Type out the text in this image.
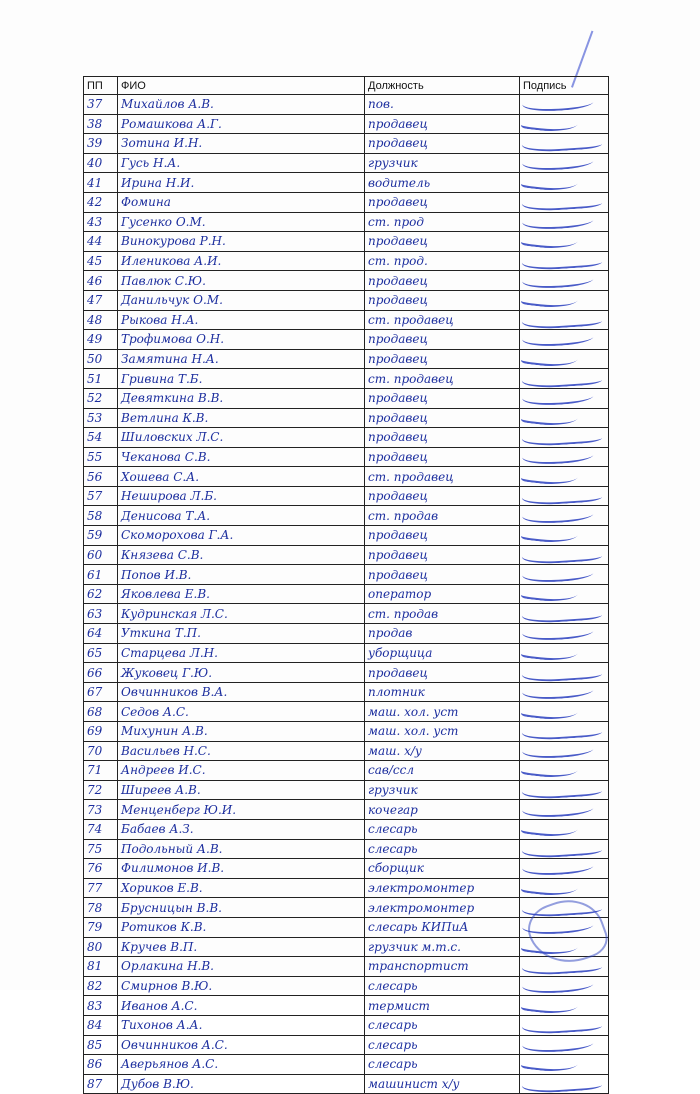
ПП	ФИО	Должность	Подпись
37	Михайлов А.В.	пов.	

38	Ромашкова А.Г.	продавец	

39	Зотина И.Н.	продавец	

40	Гусь Н.А.	грузчик	

41	Ирина Н.И.	водитель	

42	Фомина	продавец	

43	Гусенко О.М.	ст. прод	

44	Винокурова Р.Н.	продавец	

45	Иленикова А.И.	ст. прод.	

46	Павлюк С.Ю.	продавец	

47	Данильчук О.М.	продавец	

48	Рыкова Н.А.	ст. продавец	

49	Трофимова О.Н.	продавец	

50	Замятина Н.А.	продавец	

51	Гривина Т.Б.	ст. продавец	

52	Девяткина В.В.	продавец	

53	Ветлина К.В.	продавец	

54	Шиловских Л.С.	продавец	

55	Чеканова С.В.	продавец	

56	Хошева С.А.	ст. продавец	

57	Неширова Л.Б.	продавец	

58	Денисова Т.А.	ст. продав	

59	Скоморохова Г.А.	продавец	

60	Князева С.В.	продавец	

61	Попов И.В.	продавец	

62	Яковлева Е.В.	оператор	

63	Кудринская Л.С.	ст. продав	

64	Уткина Т.П.	продав	

65	Старцева Л.Н.	уборщица	

66	Жуковец Г.Ю.	продавец	

67	Овчинников В.А.	плотник	

68	Седов А.С.	маш. хол. уст	

69	Михунин А.В.	маш. хол. уст	

70	Васильев Н.С.	маш. х/у	

71	Андреев И.С.	сав/ссл	

72	Ширеев А.В.	грузчик	

73	Менценберг Ю.И.	кочегар	

74	Бабаев А.З.	слесарь	

75	Подольный А.В.	слесарь	

76	Филимонов И.В.	сборщик	

77	Хориков Е.В.	электромонтер	

78	Брусницын В.В.	электромонтер	

79	Ротиков К.В.	слесарь КИПиА	

80	Кручев В.П.	грузчик м.т.с.	

81	Орлакина Н.В.	транспортист	

82	Смирнов В.Ю.	слесарь	

83	Иванов А.С.	термист	

84	Тихонов А.А.	слесарь	

85	Овчинников А.С.	слесарь	

86	Аверьянов А.С.	слесарь	

87	Дубов В.Ю.	машинист х/у	
